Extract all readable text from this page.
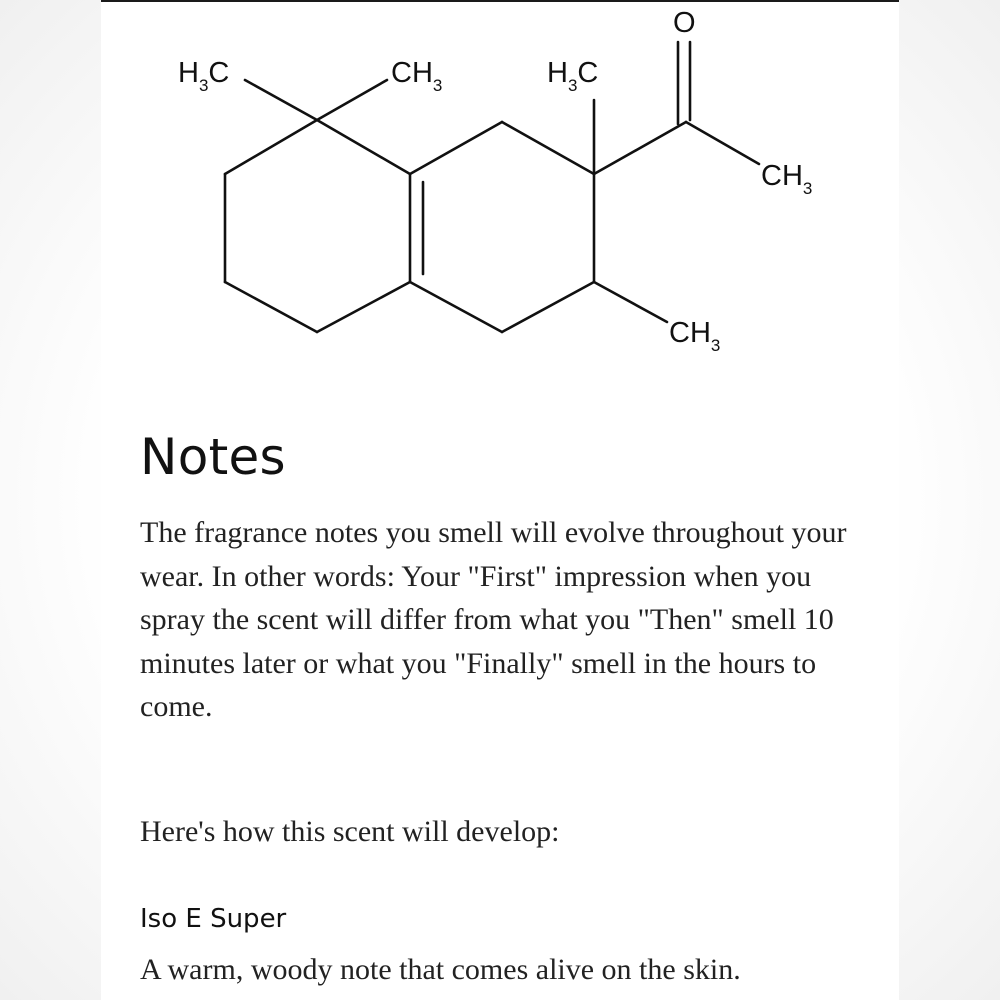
$H_3C$	$CH_3$	$H_3C$
O
$CH_3$
$CH_3$
Notes

The fragrance notes you smell will evolve throughout your wear. In other words: Your "First" impression when you spray the scent will differ from what you "Then" smell 10 minutes later or what you "Finally" smell in the hours to come.

Here's how this scent will develop:

Iso E Super

A warm, woody note that comes alive on the skin.
